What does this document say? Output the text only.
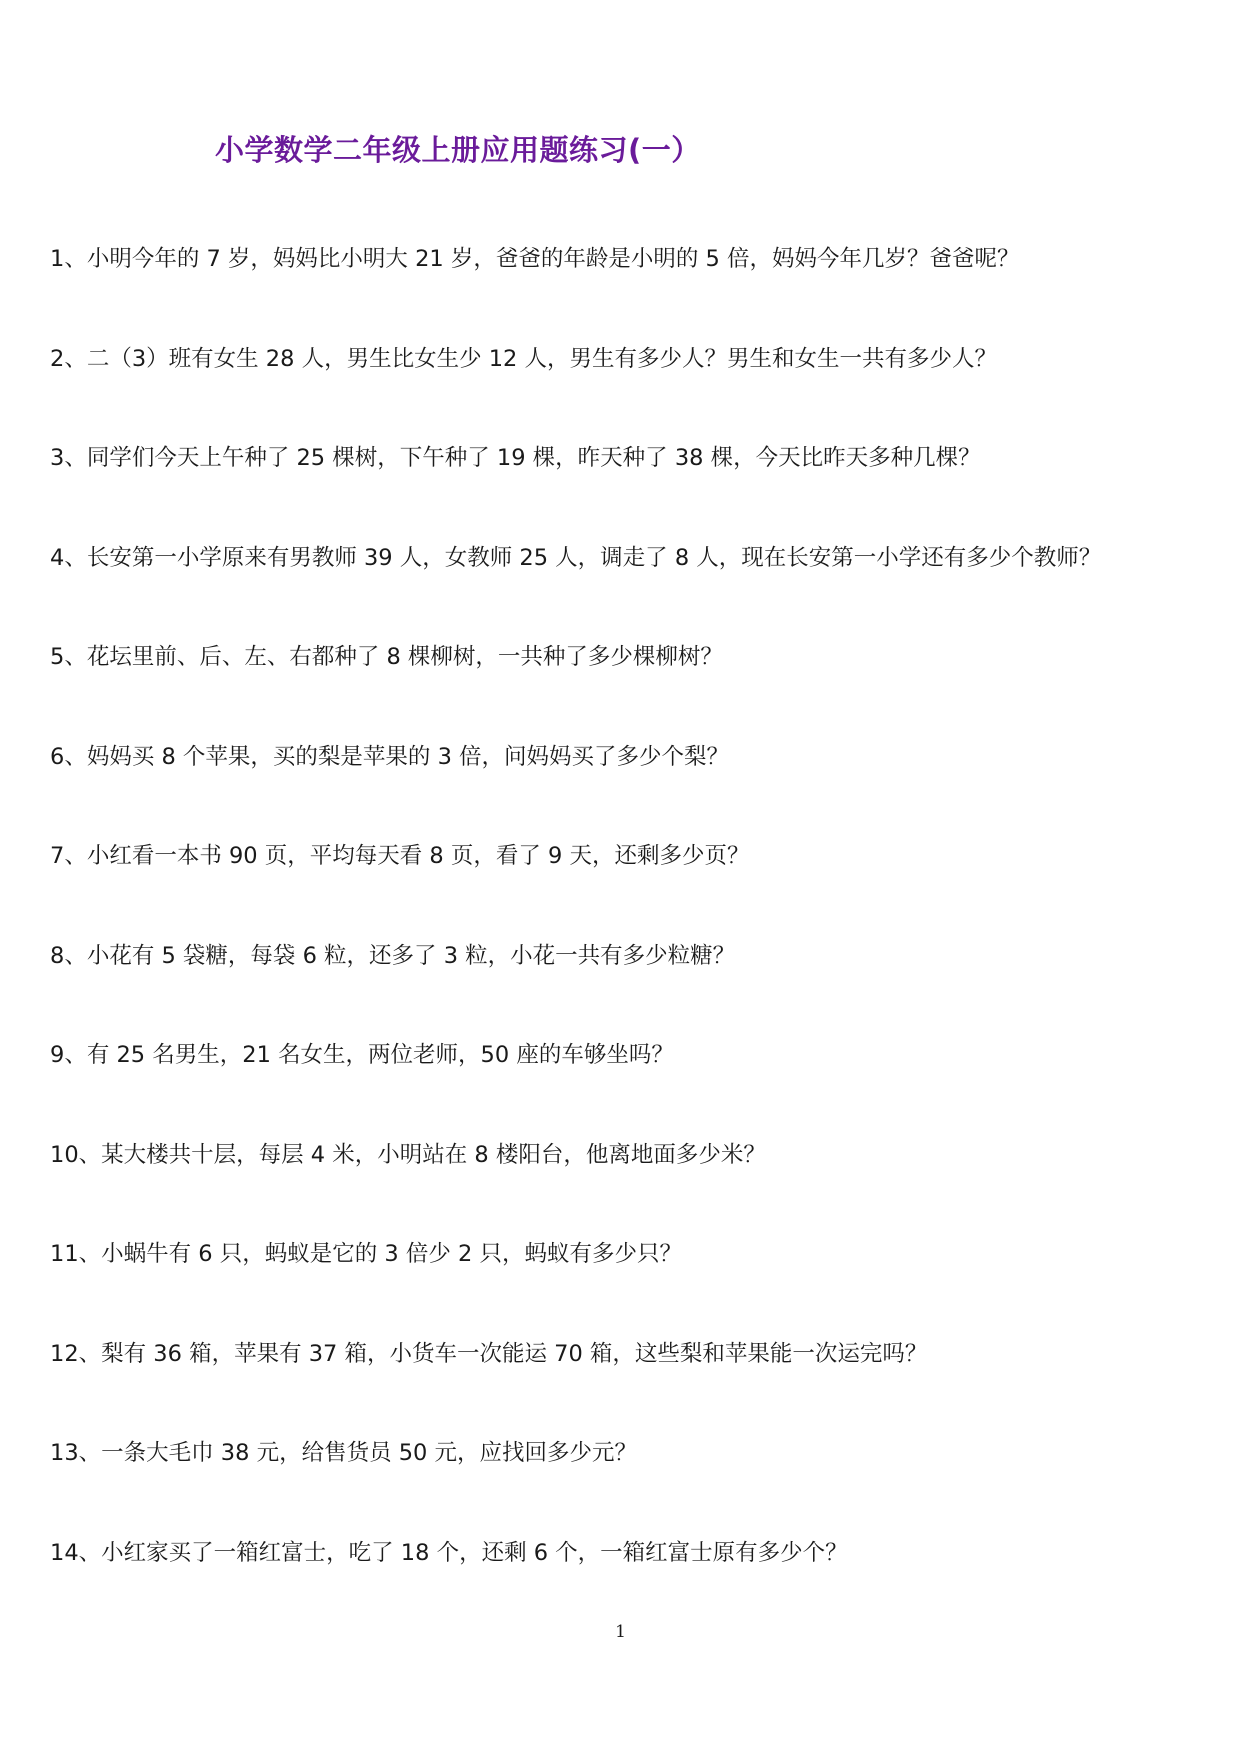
小学数学二年级上册应用题练习(一）
1、小明今年的 7 岁，妈妈比小明大 21 岁，爸爸的年龄是小明的 5 倍，妈妈今年几岁？爸爸呢？
2、二（3）班有女生 28 人，男生比女生少 12 人，男生有多少人？男生和女生一共有多少人？
3、同学们今天上午种了 25 棵树，下午种了 19 棵，昨天种了 38 棵，今天比昨天多种几棵？
4、长安第一小学原来有男教师 39 人，女教师 25 人，调走了 8 人，现在长安第一小学还有多少个教师？
5、花坛里前、后、左、右都种了 8 棵柳树，一共种了多少棵柳树？
6、妈妈买 8 个苹果，买的梨是苹果的 3 倍，问妈妈买了多少个梨？
7、小红看一本书 90 页，平均每天看 8 页，看了 9 天，还剩多少页？
8、小花有 5 袋糖，每袋 6 粒，还多了 3 粒，小花一共有多少粒糖？
9、有 25 名男生，21 名女生，两位老师，50 座的车够坐吗？
10、某大楼共十层，每层 4 米，小明站在 8 楼阳台，他离地面多少米？
11、小蜗牛有 6 只，蚂蚁是它的 3 倍少 2 只，蚂蚁有多少只？
12、梨有 36 箱，苹果有 37 箱，小货车一次能运 70 箱，这些梨和苹果能一次运完吗？
13、一条大毛巾 38 元，给售货员 50 元，应找回多少元？
14、小红家买了一箱红富士，吃了 18 个，还剩 6 个，一箱红富士原有多少个？
1
